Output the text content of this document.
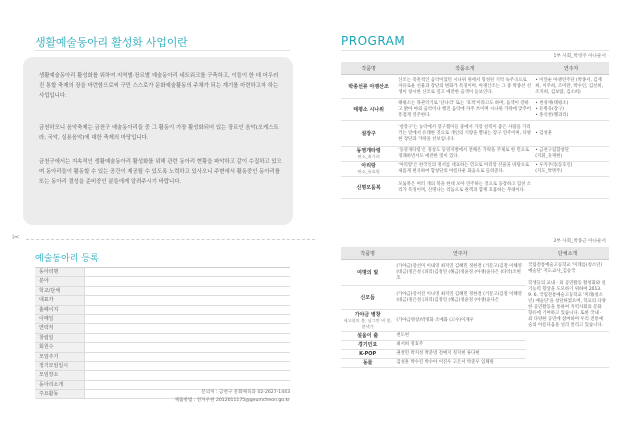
생활예술동아리 활성화 사업이란

생활예술동아리 활성화를 위하여 지역별·장르별 예술동아리 네트워크를 구축하고, 이들이 한 데 어우러진 통합 축제의 장을 마련함으로써 구민 스스로가 문화예술활동의 주체가 되는 계기를 마련하고자 하는 사업입니다.

금천하모니 음악축제는 금천구 예술동아리들 중 그 활동이 가장 활성화되어 있는 장르인 음악(오케스트라, 국악, 실용음악)에 대한 축제의 마당입니다.

금천구에서는 지속적인 생활예술동아리 활성화를 위해 관련 동아리 현황을 파악하고 같이 수집하고 있으며 동아리들이 활동할 수 있는 공간이 제공될 수 있도록 노력하고 있사오니 주변에서 활동중인 동아리를 또는 동아리 결성을 준비중인 분들에게 알려주시기 바랍니다.

✂
예술동아리 등록
동아리명
분야
학교/단체
대표자
홈페이지
이메일
연락처
창립일
회원수
모임주기
정기모임일시
모임장소
동아리소개
주요활동	문의처 : 금천구 문화체육과 02-2627-1443
제출방법 : 전자우편 2012011175@geumcheon.go.kr
PROGRAM
1부 사회_박영주 아나운서
작품명	작품소개	연주자
박종선류 아쟁산조	산조는 즉흥적인 음악이었던 시나위 위에서 형성된 기악 독주곡으로 자유로운 선율과 장단의 변화가 특징이며, 아쟁산조는 그 중 박종선 선생이 창시한 산조로 깊고 애잔한 음색이 돋보인다.	• 이연순 아쟁연주단 (박종서, 김재희, 이주희, 조미란, 박수인, 김선희, 조지희, 김보람, 김소희)
태평소 시나위	태평소는 목관악기로 '날나리' 또는 '호적'이라고도 하며, 음색이 강하고 밝아 야외 음악이나 행진 음악에 자주 쓰이며 시나위 가락에 맞추어 흥겹게 연주한다.	• 천성재(태평소)
• 유병욱(장구)
• 홍석찬(꽹과리)
설장구	'설장구'는 농악에서 장구잽이들 중에서 가장 실력이 좋은 사람을 가리키는 말에서 유래한 것으로 개인의 기량을 뽐내는 장구 연주이며, 다양한 장단과 가락을 선보입니다.	• 김성훈
동영개타령
판소_최가희	'동영개타령'은 경상도 동영지방에서 전해온 가락을 주제로 한 민요로 경쾌하면서도 애잔한 멋이 있다.	• 금천구립합창단
(지휘_유재현)
아리랑
판소_유효원	'아리랑'은 한국인의 정서를 대표하는 민요로 아리랑 선율을 바탕으로 새롭게 편곡하여 합창단의 아름다운 화음으로 들려준다.	• 우지푸리(동호인)
(지도_박병주)
신명모둠북	모둠북은 여러 개의 북을 한데 모아 연주하는 것으로 웅장하고 힘찬 소리가 특징이며, 신명나는 리듬으로 관객과 함께 호흡하는 무대이다.	
2부 사회_박종근 아나운서
작품명	연주자	단체소개
여명의 빛	(가야금)강선미 이내영 최지연 김혜민 정한결 (거문고)김철 이해영 (대금)정은성 (피리)김정연 (해금)정윤정 (아쟁)윤다은 (타악)조현호	국립전통예술고등학교 '미래를(청소년) 예술단' 지도교사_김승국

학생들의 교내 · 외 공연활동 활성화와 실기능력 향상을 도모하기 위하여 2013. 9. 6. 국립전통예술고등학교 '미래(청소년) 예술단'을 창단하였으며, 학교의 다양한 공연활동을 통하여 지역사회의 문화 향유에 기여하고 있습니다. 또한 국내 · 외 다양한 공연에 참여하며 우리 전통예술의 아름다움을 널리 알리고 있습니다.
신모듬	(가야금)강서진 이나영 최지연 김혜민 정한결 (거문고)김철 이해영 (대금)정은성 (피리)김정연 (해금)정윤정 (아쟁)윤다은	
가야금 병창
새고향의 봄, 남그만 벼 봄, 봄냇가	(가야금병창)박정화 조예화 (고수)이재우	
설움이 출	천도현	
경기민요	최서희 정효주	
K-POP	권찬민 박지성 박준영 전예지 정지현 류다현	
동물	김성훈 박수진 박수아 이진우 고은서 박준우 임채원	
